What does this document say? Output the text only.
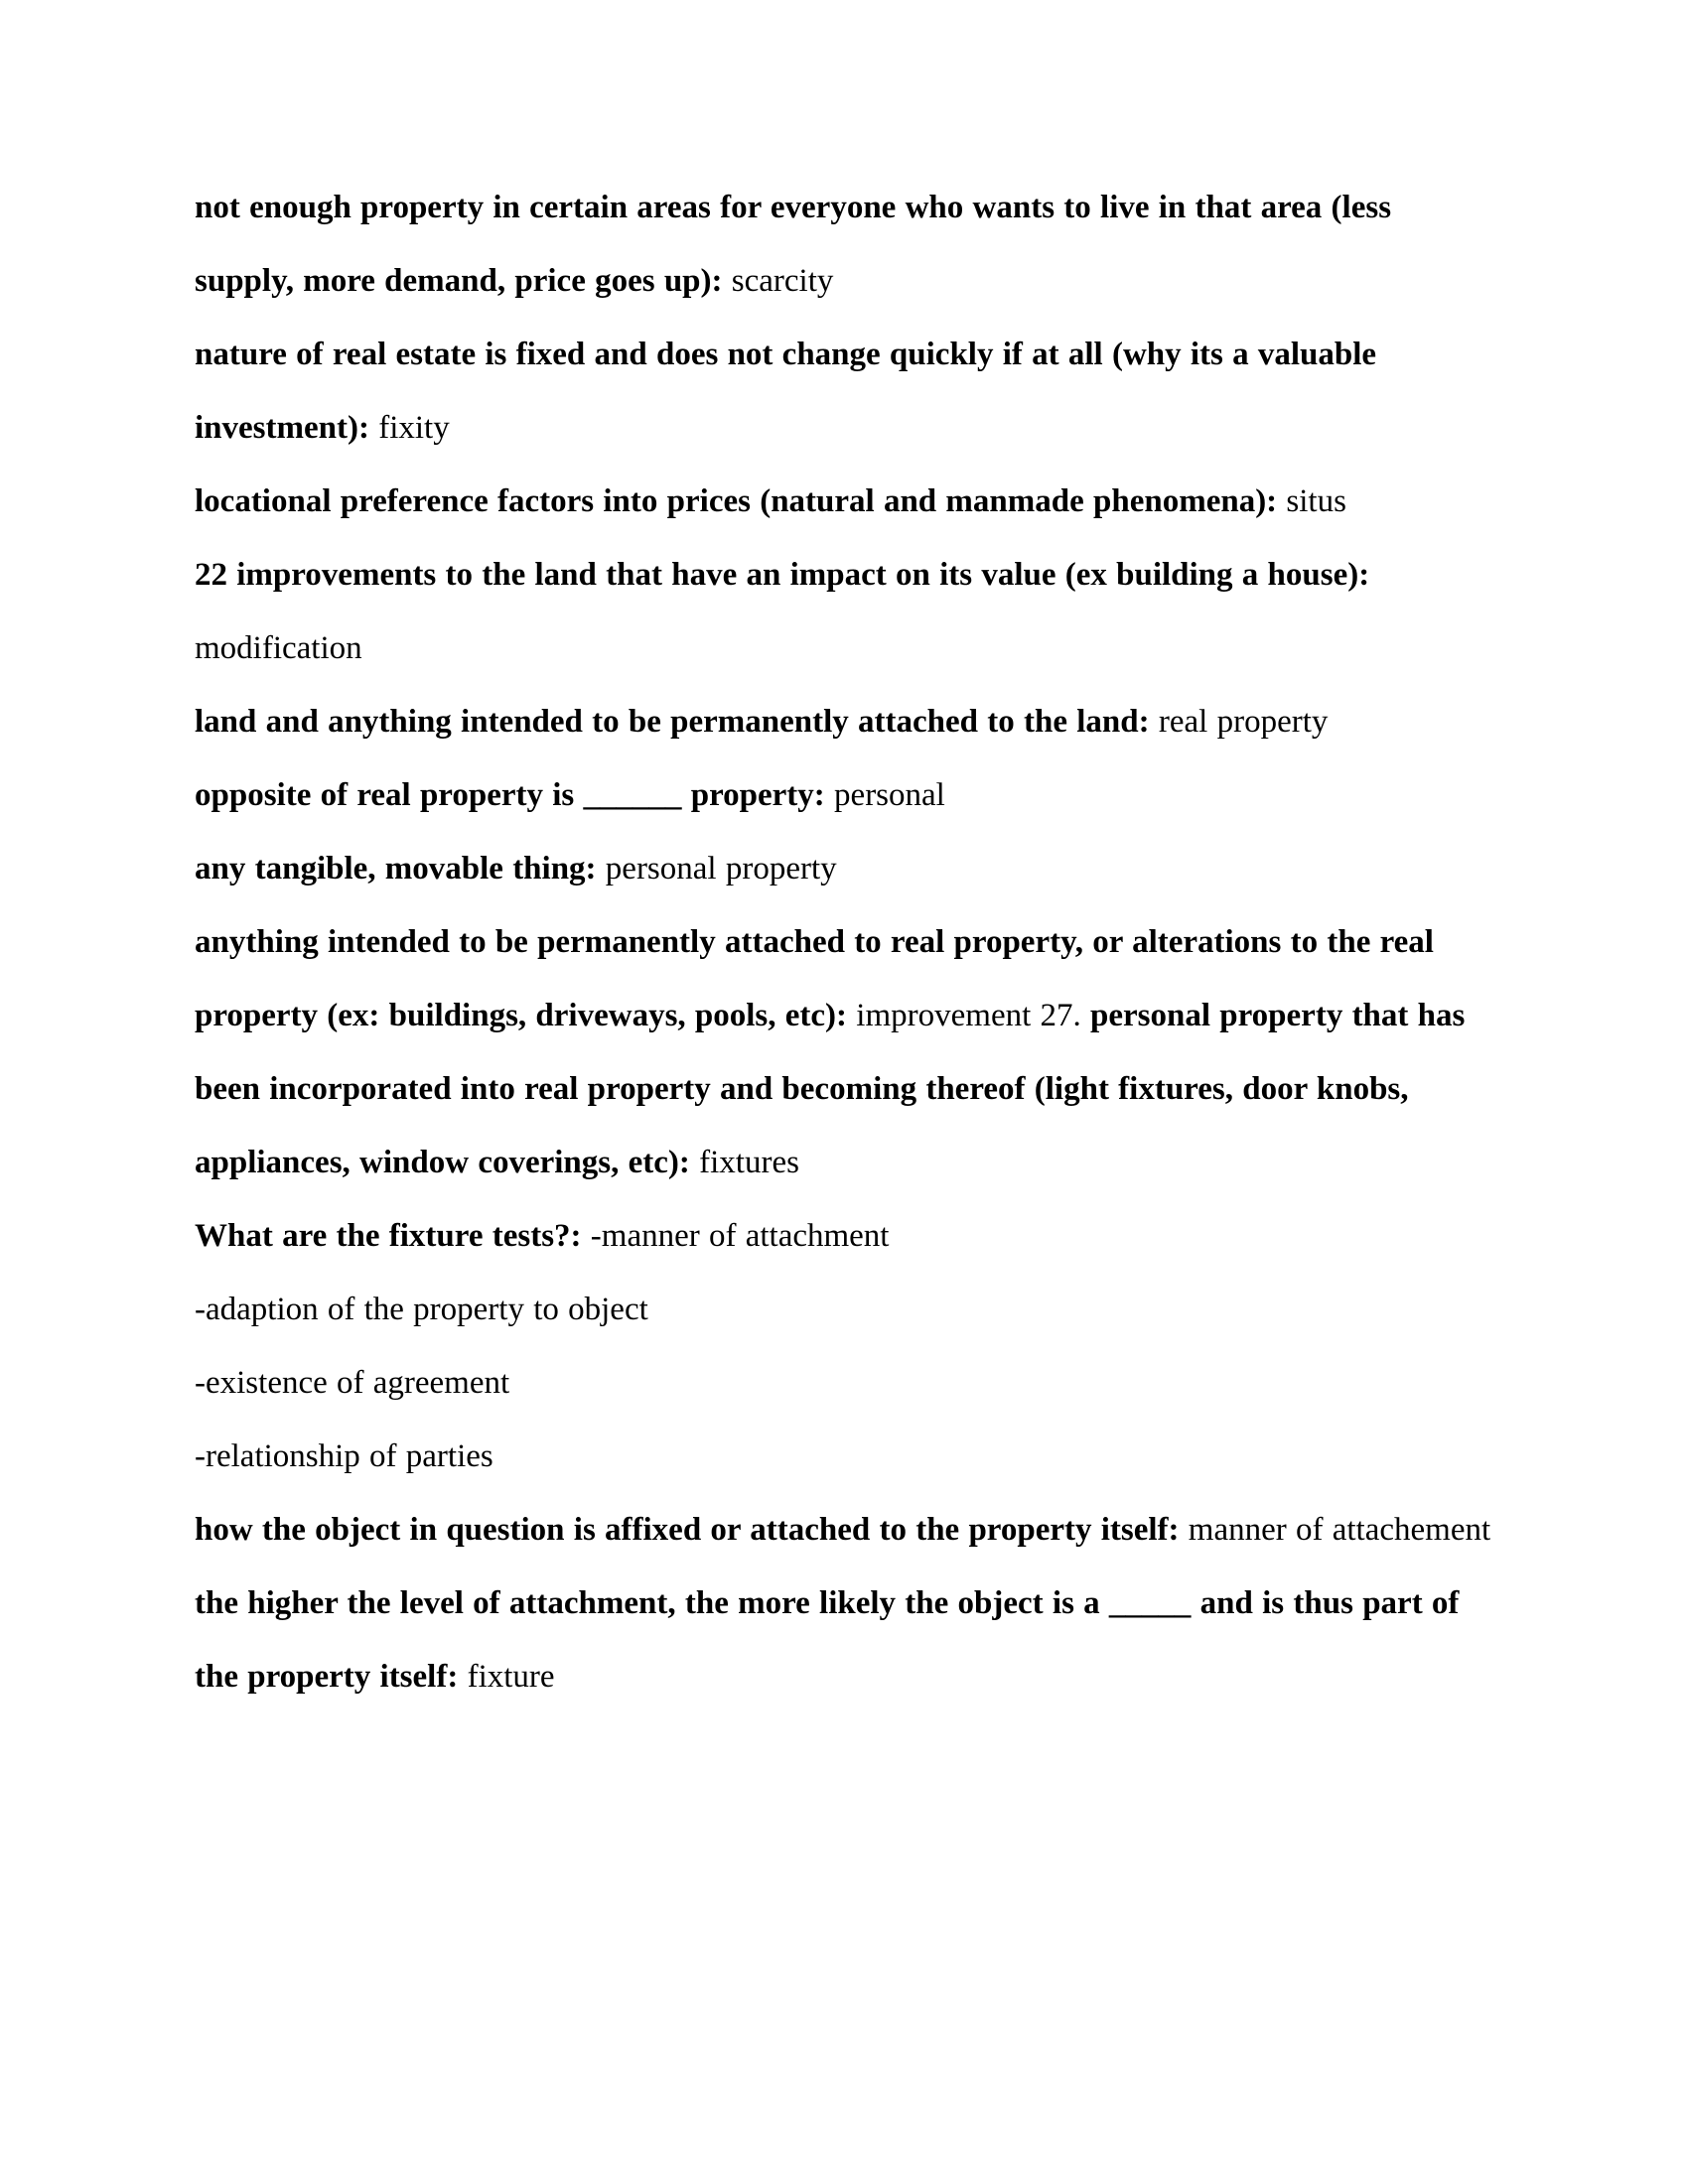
not enough property in certain areas for everyone who wants to live in that area (less supply, more demand, price goes up): scarcity

nature of real estate is fixed and does not change quickly if at all (why its a valuable investment): fixity

locational preference factors into prices (natural and manmade phenomena): situs

22 improvements to the land that have an impact on its value (ex building a house): modification

land and anything intended to be permanently attached to the land: real property

opposite of real property is ______ property: personal

any tangible, movable thing: personal property

anything intended to be permanently attached to real property, or alterations to the real property (ex: buildings, driveways, pools, etc): improvement 27. personal property that has been incorporated into real property and becoming thereof (light fixtures, door knobs, appliances, window coverings, etc): fixtures

What are the fixture tests?: -manner of attachment

-adaption of the property to object

-existence of agreement

-relationship of parties

how the object in question is affixed or attached to the property itself: manner of attachement

the higher the level of attachment, the more likely the object is a _____ and is thus part of the property itself: fixture
